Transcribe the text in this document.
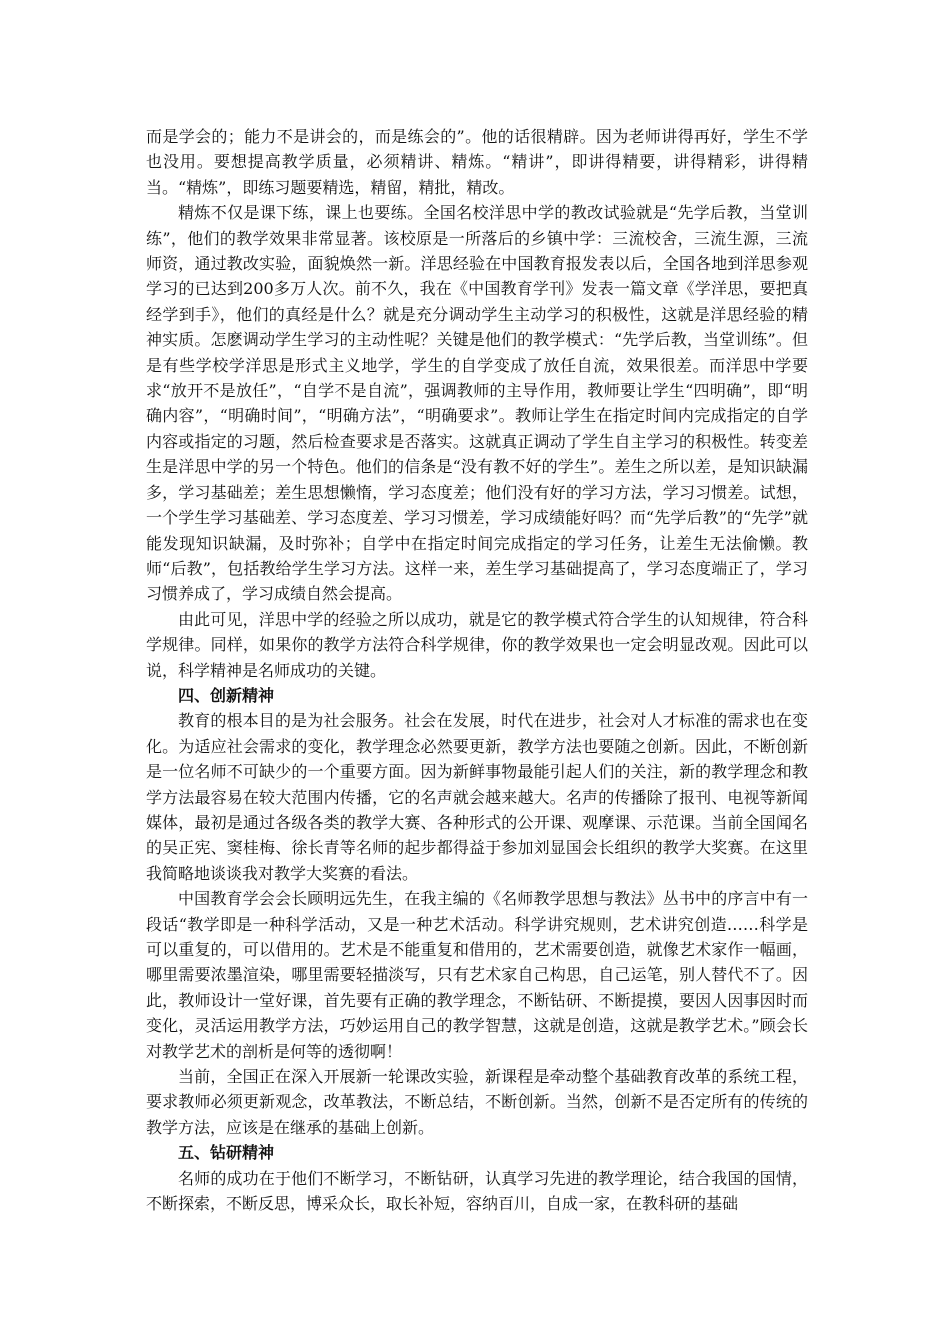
而是学会的；能力不是讲会的，而是练会的”。他的话很精辟。因为老师讲得再好，学生不学也没用。要想提高教学质量，必须精讲、精炼。“精讲”，即讲得精要，讲得精彩，讲得精当。“精炼”，即练习题要精选，精留，精批，精改。

精炼不仅是课下练，课上也要练。全国名校洋思中学的教改试验就是“先学后教，当堂训练”，他们的教学效果非常显著。该校原是一所落后的乡镇中学：三流校舍，三流生源，三流师资，通过教改实验，面貌焕然一新。洋思经验在中国教育报发表以后，全国各地到洋思参观学习的已达到200多万人次。前不久，我在《中国教育学刊》发表一篇文章《学洋思，要把真经学到手》，他们的真经是什么？就是充分调动学生主动学习的积极性，这就是洋思经验的精神实质。怎麽调动学生学习的主动性呢？关键是他们的教学模式：“先学后教，当堂训练”。但是有些学校学洋思是形式主义地学，学生的自学变成了放任自流，效果很差。而洋思中学要求“放开不是放任”，“自学不是自流”，强调教师的主导作用，教师要让学生“四明确”，即“明确内容”，“明确时间”，“明确方法”，“明确要求”。教师让学生在指定时间内完成指定的自学内容或指定的习题，然后检查要求是否落实。这就真正调动了学生自主学习的积极性。转变差生是洋思中学的另一个特色。他们的信条是“没有教不好的学生”。差生之所以差，是知识缺漏多，学习基础差；差生思想懒惰，学习态度差；他们没有好的学习方法，学习习惯差。试想，一个学生学习基础差、学习态度差、学习习惯差，学习成绩能好吗？而“先学后教”的“先学”就能发现知识缺漏，及时弥补；自学中在指定时间完成指定的学习任务，让差生无法偷懒。教师“后教”，包括教给学生学习方法。这样一来，差生学习基础提高了，学习态度端正了，学习习惯养成了，学习成绩自然会提高。

由此可见，洋思中学的经验之所以成功，就是它的教学模式符合学生的认知规律，符合科学规律。同样，如果你的教学方法符合科学规律，你的教学效果也一定会明显改观。因此可以说，科学精神是名师成功的关键。

四、创新精神

教育的根本目的是为社会服务。社会在发展，时代在进步，社会对人才标准的需求也在变化。为适应社会需求的变化，教学理念必然要更新，教学方法也要随之创新。因此，不断创新是一位名师不可缺少的一个重要方面。因为新鲜事物最能引起人们的关注，新的教学理念和教学方法最容易在较大范围内传播，它的名声就会越来越大。名声的传播除了报刊、电视等新闻媒体，最初是通过各级各类的教学大赛、各种形式的公开课、观摩课、示范课。当前全国闻名的吴正宪、窦桂梅、徐长青等名师的起步都得益于参加刘显国会长组织的教学大奖赛。在这里我简略地谈谈我对教学大奖赛的看法。

中国教育学会会长顾明远先生，在我主编的《名师教学思想与教法》丛书中的序言中有一段话“教学即是一种科学活动，又是一种艺术活动。科学讲究规则，艺术讲究创造……科学是可以重复的，可以借用的。艺术是不能重复和借用的，艺术需要创造，就像艺术家作一幅画，哪里需要浓墨渲染，哪里需要轻描淡写，只有艺术家自己构思，自己运笔，别人替代不了。因此，教师设计一堂好课，首先要有正确的教学理念，不断钻研、不断提摸，要因人因事因时而变化，灵活运用教学方法，巧妙运用自己的教学智慧，这就是创造，这就是教学艺术。”顾会长对教学艺术的剖析是何等的透彻啊！

当前，全国正在深入开展新一轮课改实验，新课程是牵动整个基础教育改革的系统工程，要求教师必须更新观念，改革教法，不断总结，不断创新。当然，创新不是否定所有的传统的教学方法，应该是在继承的基础上创新。

五、钻研精神

名师的成功在于他们不断学习，不断钻研，认真学习先进的教学理论，结合我国的国情，不断探索，不断反思，博采众长，取长补短，容纳百川，自成一家，在教科研的基础
